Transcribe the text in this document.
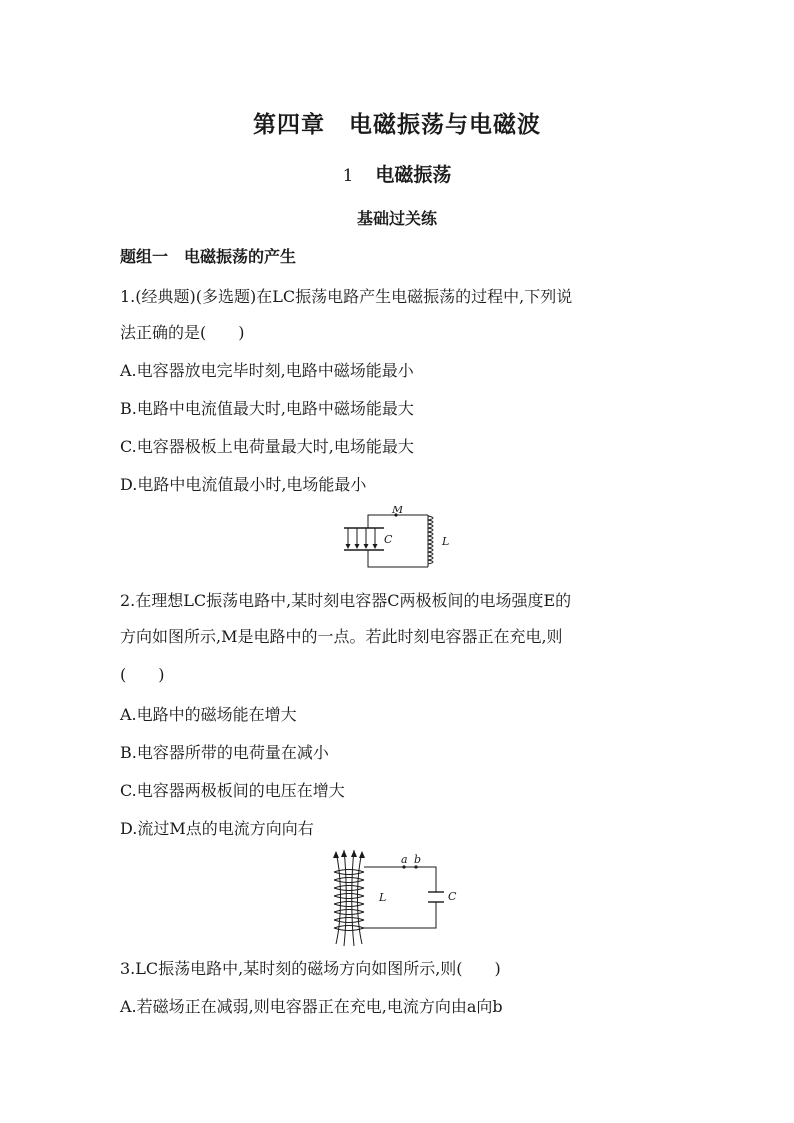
第四章　电磁振荡与电磁波
1 电磁振荡
基础过关练
题组一　电磁振荡的产生
1.(经典题)(多选题)在LC振荡电路产生电磁振荡的过程中,下列说
法正确的是(　　)
A.电容器放电完毕时刻,电路中磁场能最小
B.电路中电流值最大时,电路中磁场能最大
C.电容器极板上电荷量最大时,电场能最大
D.电路中电流值最小时,电场能最小
M
C	L
2.在理想LC振荡电路中,某时刻电容器C两极板间的电场强度E的
方向如图所示,M是电路中的一点。若此时刻电容器正在充电,则
(　　)
A.电路中的磁场能在增大
B.电容器所带的电荷量在减小
C.电容器两极板间的电压在增大
D.流过M点的电流方向向右
a b
L	C
3.LC振荡电路中,某时刻的磁场方向如图所示,则(　　)
A.若磁场正在减弱,则电容器正在充电,电流方向由a向b
